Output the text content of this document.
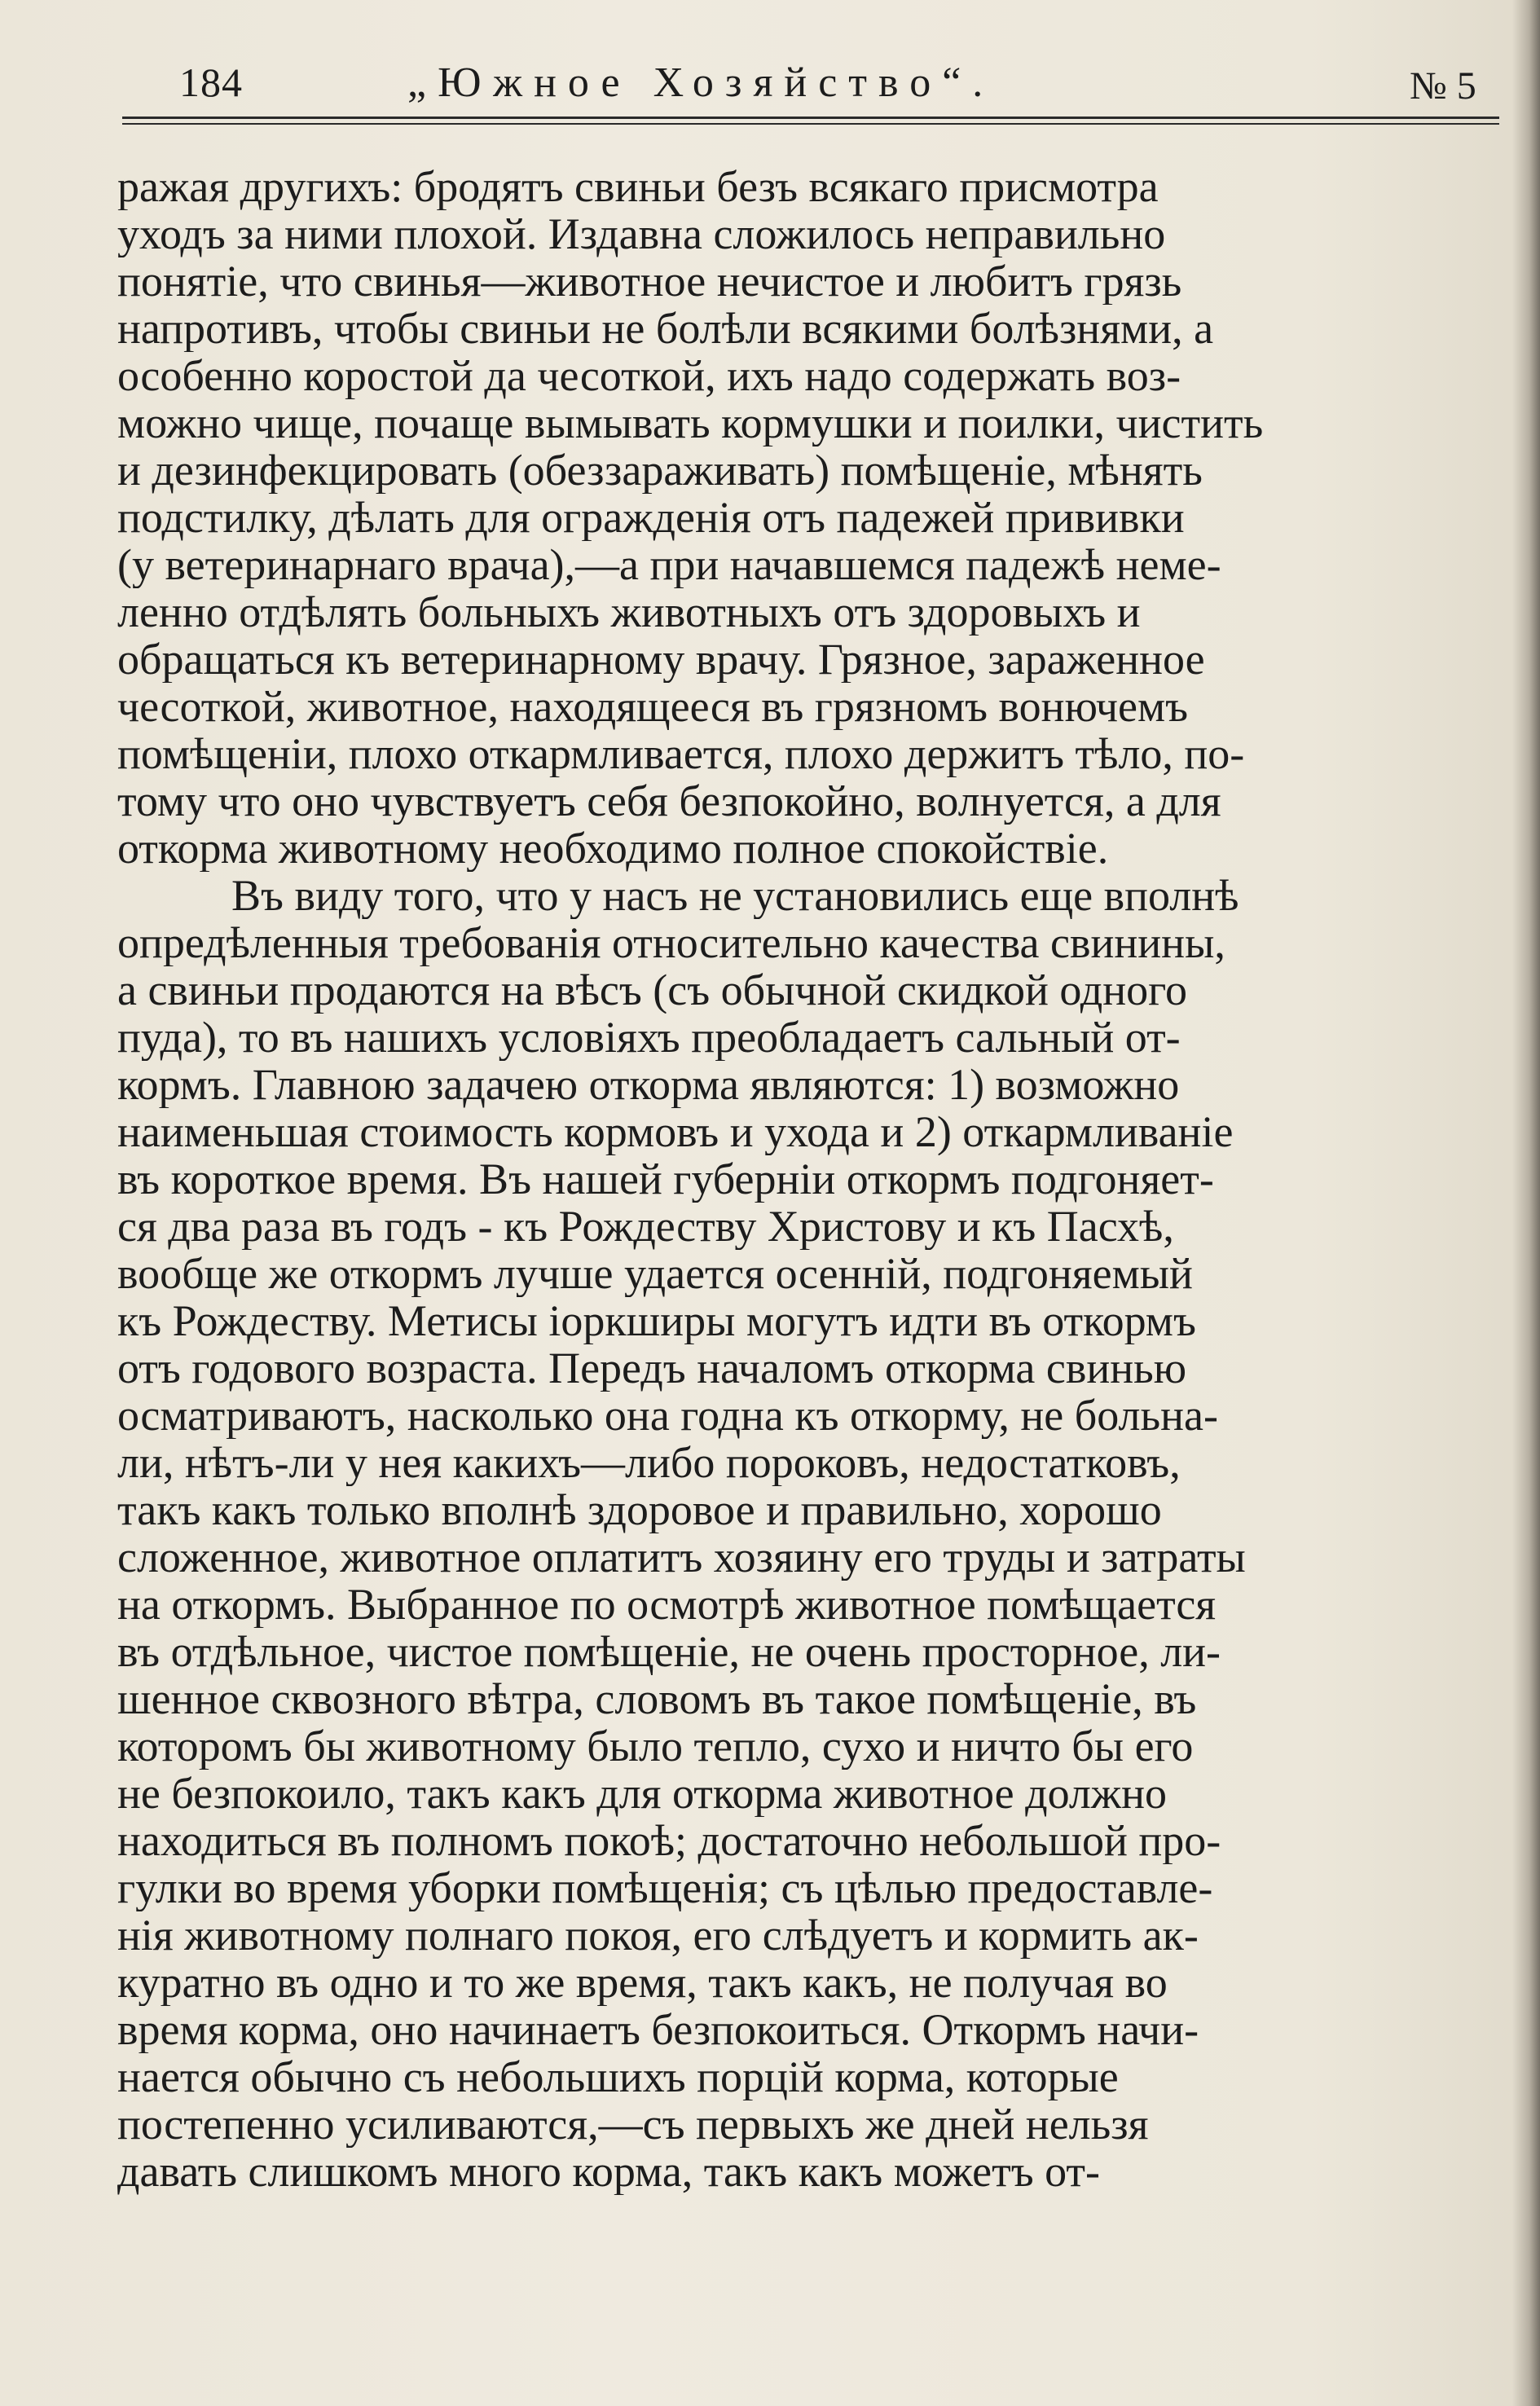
184	„Южное Хозяйство“.	№ 5
ражая другихъ: бродятъ свиньи безъ всякаго присмотра
уходъ за ними плохой. Издавна сложилось неправильно
понятіе, что свинья—животное нечистое и любитъ грязь
напротивъ, чтобы свиньи не болѣли всякими болѣзнями, а
особенно коростой да чесоткой, ихъ надо содержать воз-
можно чище, почаще вымывать кормушки и поилки, чистить
и дезинфекцировать (обеззараживать) помѣщеніе, мѣнять
подстилку, дѣлать для огражденія отъ падежей прививки
(у ветеринарнаго врача),—а при начавшемся падежѣ неме-
ленно отдѣлять больныхъ животныхъ отъ здоровыхъ и
обращаться къ ветеринарному врачу. Грязное, зараженное
чесоткой, животное, находящееся въ грязномъ вонючемъ
помѣщеніи, плохо откармливается, плохо держитъ тѣло, по-
тому что оно чувствуетъ себя безпокойно, волнуется, а для
откорма животному необходимо полное спокойствіе.
Въ виду того, что у насъ не установились еще вполнѣ
опредѣленныя требованія относительно качества свинины,
а свиньи продаются на вѣсъ (съ обычной скидкой одного
пуда), то въ нашихъ условіяхъ преобладаетъ сальный от-
кормъ. Главною задачею откорма являются: 1) возможно
наименьшая стоимость кормовъ и ухода и 2) откармливаніе
въ короткое время. Въ нашей губерніи откормъ подгоняет-
ся два раза въ годъ - къ Рождеству Христову и къ Пасхѣ,
вообще же откормъ лучше удается осенній, подгоняемый
къ Рождеству. Метисы іоркширы могутъ идти въ откормъ
отъ годового возраста. Передъ началомъ откорма свинью
осматриваютъ, насколько она годна къ откорму, не больна-
ли, нѣтъ-ли у нея какихъ—либо пороковъ, недостатковъ,
такъ какъ только вполнѣ здоровое и правильно, хорошо
сложенное, животное оплатитъ хозяину его труды и затраты
на откормъ. Выбранное по осмотрѣ животное помѣщается
въ отдѣльное, чистое помѣщеніе, не очень просторное, ли-
шенное сквозного вѣтра, словомъ въ такое помѣщеніе, въ
которомъ бы животному было тепло, сухо и ничто бы его
не безпокоило, такъ какъ для откорма животное должно
находиться въ полномъ покоѣ; достаточно небольшой про-
гулки во время уборки помѣщенія; съ цѣлью предоставле-
нія животному полнаго покоя, его слѣдуетъ и кормить ак-
куратно въ одно и то же время, такъ какъ, не получая во
время корма, оно начинаетъ безпокоиться. Откормъ начи-
нается обычно съ небольшихъ порцій корма, которые
постепенно усиливаются,—съ первыхъ же дней нельзя
давать слишкомъ много корма, такъ какъ можетъ от-
